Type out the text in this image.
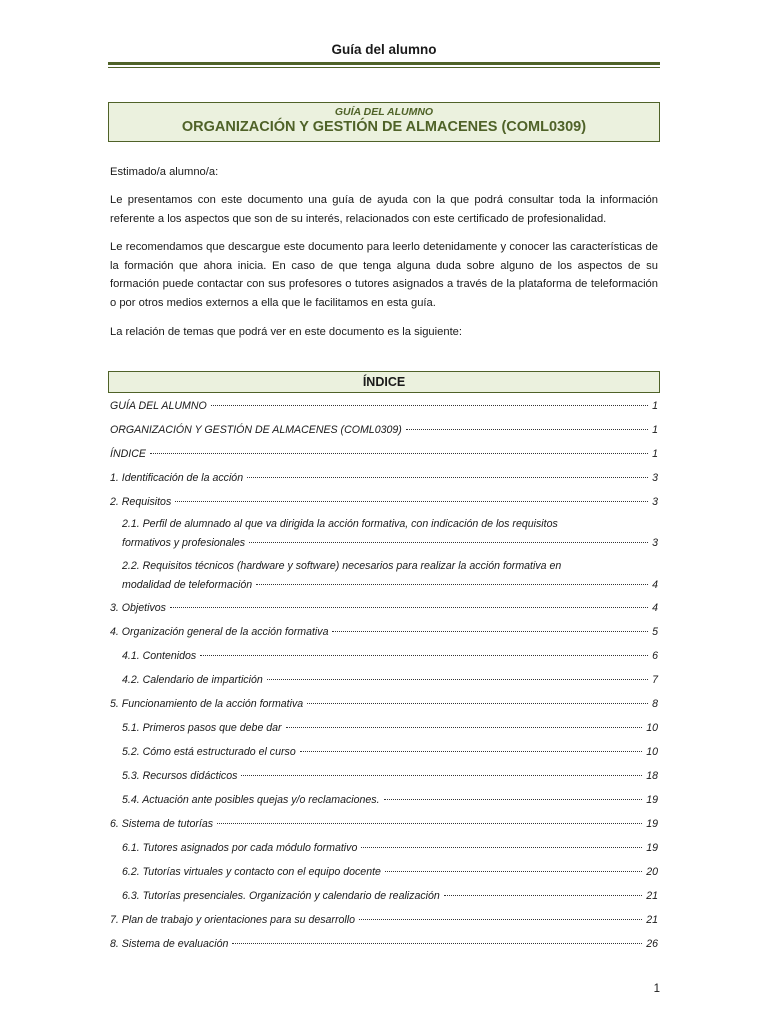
Guía del alumno
GUÍA DEL ALUMNO
ORGANIZACIÓN Y GESTIÓN DE ALMACENES (COML0309)
Estimado/a alumno/a:
Le presentamos con este documento una guía de ayuda con la que podrá consultar toda la información referente a los aspectos que son de su interés, relacionados con este certificado de profesionalidad.
Le recomendamos que descargue este documento para leerlo detenidamente y conocer las características de la formación que ahora inicia. En caso de que tenga alguna duda sobre alguno de los aspectos de su formación puede contactar con sus profesores o tutores asignados a través de la plataforma de teleformación o por otros medios externos a ella que le facilitamos en esta guía.
La relación de temas que podrá ver en este documento es la siguiente:
ÍNDICE
GUÍA DEL ALUMNO	1
ORGANIZACIÓN Y GESTIÓN DE ALMACENES (COML0309)	1
ÍNDICE	1
1. Identificación de la acción	3
2. Requisitos	3
2.1. Perfil de alumnado al que va dirigida la acción formativa, con indicación de los requisitos
formativos y profesionales	3
2.2. Requisitos técnicos (hardware y software) necesarios para realizar la acción formativa en
modalidad de teleformación	4
3. Objetivos	4
4. Organización general de la acción formativa	5
4.1. Contenidos	6
4.2. Calendario de impartición	7
5. Funcionamiento de la acción formativa	8
5.1. Primeros pasos que debe dar	10
5.2. Cómo está estructurado el curso	10
5.3. Recursos didácticos	18
5.4. Actuación ante posibles quejas y/o reclamaciones.	19
6. Sistema de tutorías	19
6.1. Tutores asignados por cada módulo formativo	19
6.2. Tutorías virtuales y contacto con el equipo docente	20
6.3. Tutorías presenciales. Organización y calendario de realización	21
7. Plan de trabajo y orientaciones para su desarrollo	21
8. Sistema de evaluación	26
1
